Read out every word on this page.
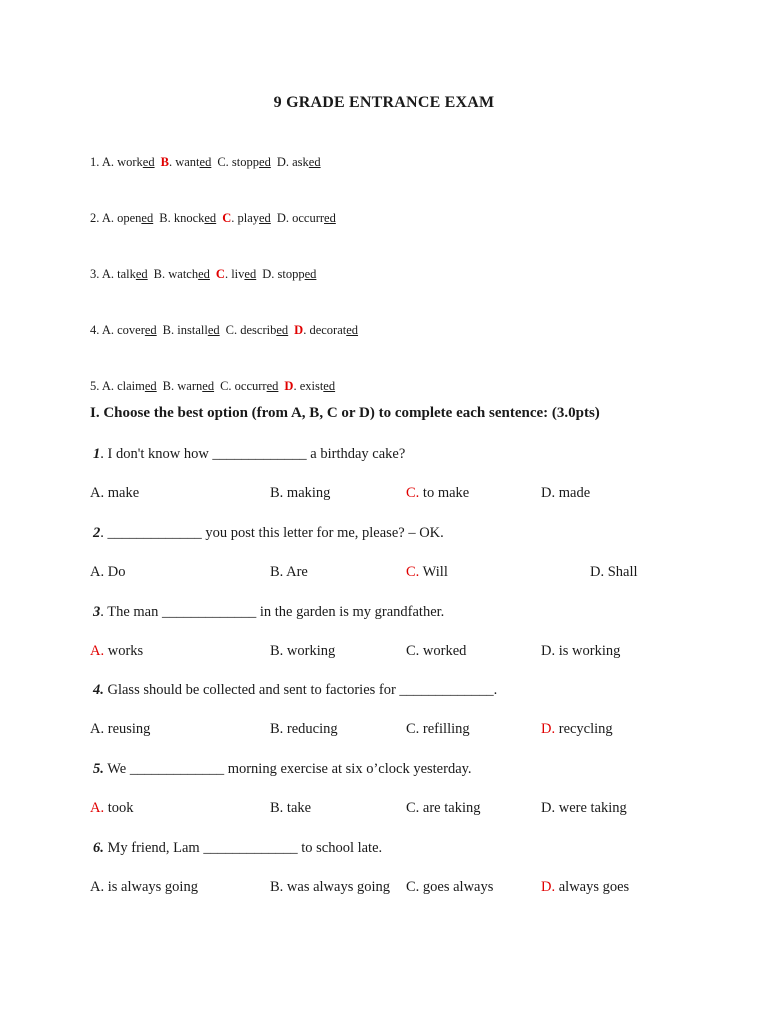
9 GRADE ENTRANCE EXAM
1. A. worked B. wanted C. stopped D. asked
2. A. opened B. knocked C. played D. occurred
3. A. talked B. watched C. lived D. stopped
4. A. covered B. installed C. described D. decorated
5. A. claimed B. warned C. occurred D. existed
I. Choose the best option (from A, B, C or D) to complete each sentence: (3.0pts)
1. I don't know how _____________ a birthday cake?
A. make	B. making	C. to make	D. made
2. _____________ you post this letter for me, please? – OK.
A. Do	B. Are	C. Will	D. Shall
3. The man _____________ in the garden is my grandfather.
A. works	B. working	C. worked	D. is working
4. Glass should be collected and sent to factories for _____________.
A. reusing	B. reducing	C. refilling	D. recycling
5. We _____________ morning exercise at six o’clock yesterday.
A. took	B. take	C. are taking	D. were taking
6. My friend, Lam _____________ to school late.
A. is always going	B. was always going C. goes always	D. always goes
